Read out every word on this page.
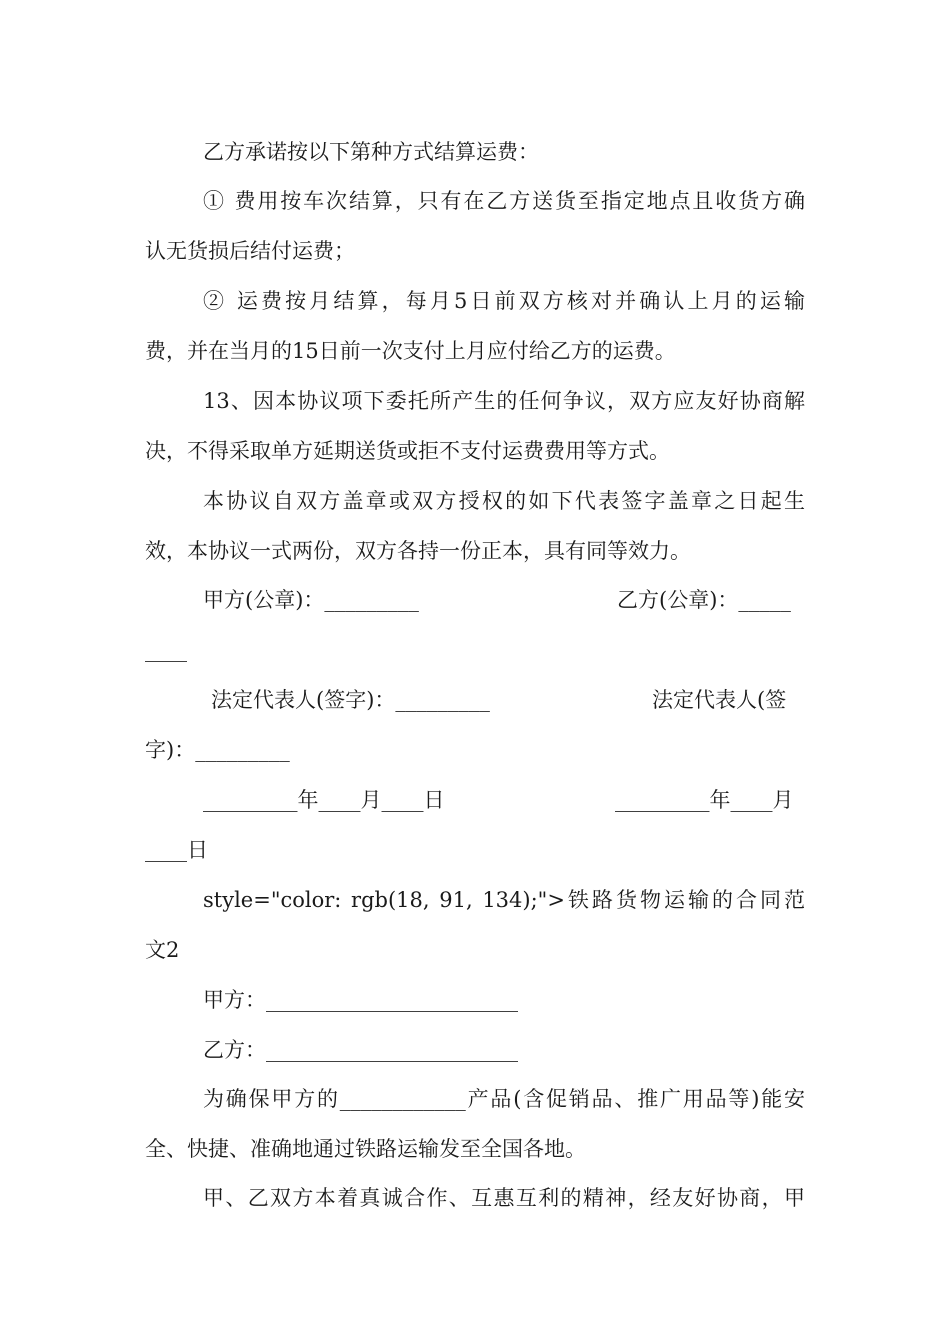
乙方承诺按以下第种方式结算运费：
① 费用按车次结算，只有在乙方送货至指定地点且收货方确
认无货损后结付运费；
② 运费按月结算，每月5日前双方核对并确认上月的运输
费，并在当月的15日前一次支付上月应付给乙方的运费。
13、因本协议项下委托所产生的任何争议，双方应友好协商解
决，不得采取单方延期送货或拒不支付运费费用等方式。
本协议自双方盖章或双方授权的如下代表签字盖章之日起生
效，本协议一式两份，双方各持一份正本，具有同等效力。
甲方(公章)：_________	乙方(公章)：_____
____
法定代表人(签字)：_________	法定代表人(签
字)：_________
_________年____月____日	_________年____月
____日
style="color: rgb(18, 91, 134);">铁路货物运输的合同范
文2
甲方：________________________
乙方：________________________
为确保甲方的____________产品(含促销品、推广用品等)能安
全、快捷、准确地通过铁路运输发至全国各地。
甲、乙双方本着真诚合作、互惠互利的精神，经友好协商，甲
